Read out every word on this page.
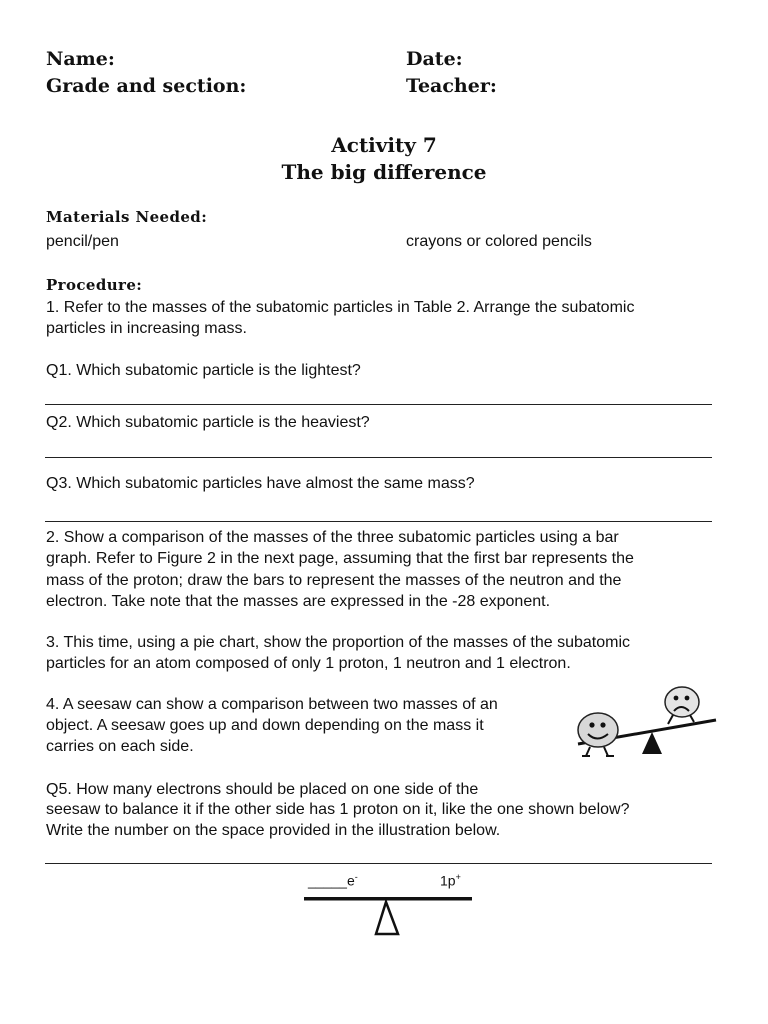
Name:	Date:
Grade and section:	Teacher:
Activity 7
The big difference
Materials Needed:
pencil/pen	crayons or colored pencils
Procedure:
1. Refer to the masses of the subatomic particles in Table 2. Arrange the subatomic
particles in increasing mass.
Q1. Which subatomic particle is the lightest?
Q2. Which subatomic particle is the heaviest?
Q3. Which subatomic particles have almost the same mass?
2. Show a comparison of the masses of the three subatomic particles using a bar
graph. Refer to Figure 2 in the next page, assuming that the first bar represents the
mass of the proton; draw the bars to represent the masses of the neutron and the
electron. Take note that the masses are expressed in the -28 exponent.
3. This time, using a pie chart, show the proportion of the masses of the subatomic
particles for an atom composed of only 1 proton, 1 neutron and 1 electron.
4. A seesaw can show a comparison between two masses of an
object. A seesaw goes up and down depending on the mass it
carries on each side.
Q5. How many electrons should be placed on one side of the
seesaw to balance it if the other side has 1 proton on it, like the one shown below?
Write the number on the space provided in the illustration below.
_____e-	1p+
